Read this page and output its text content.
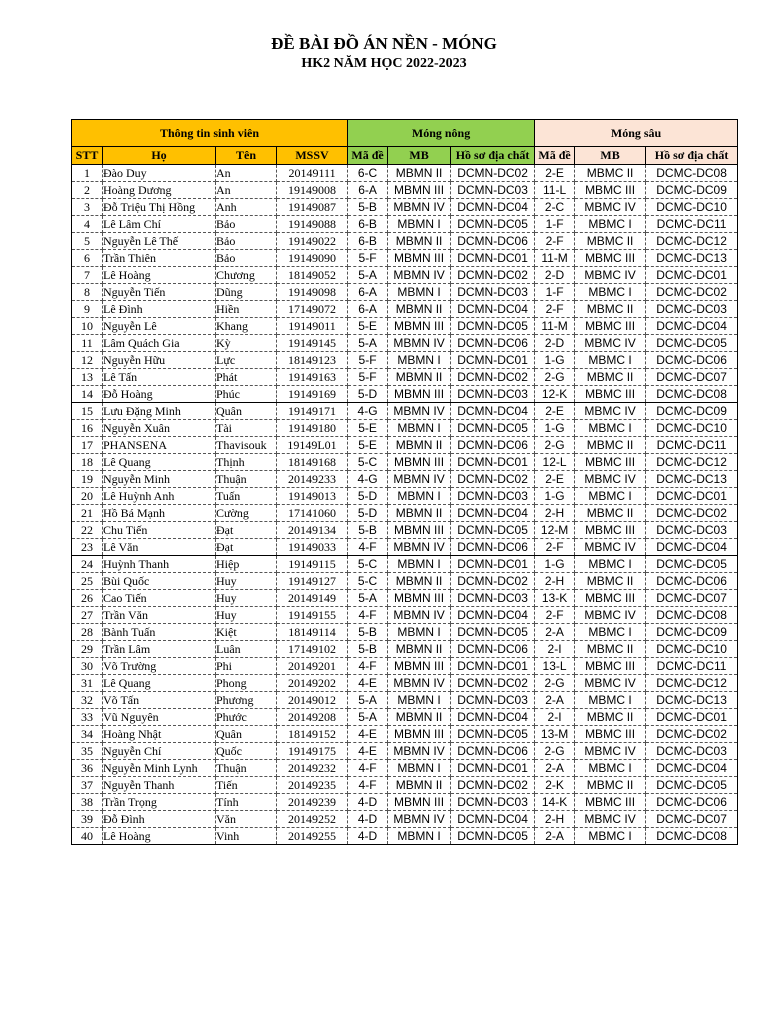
ĐỀ BÀI ĐỒ ÁN NỀN - MÓNG
HK2 NĂM HỌC 2022-2023
Thông tin sinh viên				Móng nông			Móng sâu		
STT	Họ	Tên	MSSV	Mã đề	MB	Hồ sơ địa chất	Mã đề	MB	Hồ sơ địa chất
1	Đào Duy	An	20149111	6-C	MBMN II	DCMN-DC02	2-E	MBMC II	DCMC-DC08
2	Hoàng Dương	An	19149008	6-A	MBMN III	DCMN-DC03	11-L	MBMC III	DCMC-DC09
3	Đỗ Triệu Thị Hồng	Anh	19149087	5-B	MBMN IV	DCMN-DC04	2-C	MBMC IV	DCMC-DC10
4	Lê Lâm Chí	Bảo	19149088	6-B	MBMN I	DCMN-DC05	1-F	MBMC I	DCMC-DC11
5	Nguyễn Lê Thế	Bảo	19149022	6-B	MBMN II	DCMN-DC06	2-F	MBMC II	DCMC-DC12
6	Trần Thiên	Bảo	19149090	5-F	MBMN III	DCMN-DC01	11-M	MBMC III	DCMC-DC13
7	Lê Hoàng	Chương	18149052	5-A	MBMN IV	DCMN-DC02	2-D	MBMC IV	DCMC-DC01
8	Nguyễn Tiến	Dũng	19149098	6-A	MBMN I	DCMN-DC03	1-F	MBMC I	DCMC-DC02
9	Lê Đình	Hiền	17149072	6-A	MBMN II	DCMN-DC04	2-F	MBMC II	DCMC-DC03
10	Nguyễn Lê	Khang	19149011	5-E	MBMN III	DCMN-DC05	11-M	MBMC III	DCMC-DC04
11	Lâm Quách Gia	Kỳ	19149145	5-A	MBMN IV	DCMN-DC06	2-D	MBMC IV	DCMC-DC05
12	Nguyễn Hữu	Lực	18149123	5-F	MBMN I	DCMN-DC01	1-G	MBMC I	DCMC-DC06
13	Lê Tấn	Phát	19149163	5-F	MBMN II	DCMN-DC02	2-G	MBMC II	DCMC-DC07
14	Đỗ Hoàng	Phúc	19149169	5-D	MBMN III	DCMN-DC03	12-K	MBMC III	DCMC-DC08
15	Lưu Đặng Minh	Quân	19149171	4-G	MBMN IV	DCMN-DC04	2-E	MBMC IV	DCMC-DC09
16	Nguyễn Xuân	Tài	19149180	5-E	MBMN I	DCMN-DC05	1-G	MBMC I	DCMC-DC10
17	PHANSENA	Thavisouk	19149L01	5-E	MBMN II	DCMN-DC06	2-G	MBMC II	DCMC-DC11
18	Lê Quang	Thịnh	18149168	5-C	MBMN III	DCMN-DC01	12-L	MBMC III	DCMC-DC12
19	Nguyễn Minh	Thuận	20149233	4-G	MBMN IV	DCMN-DC02	2-E	MBMC IV	DCMC-DC13
20	Lê Huỳnh Anh	Tuấn	19149013	5-D	MBMN I	DCMN-DC03	1-G	MBMC I	DCMC-DC01
21	Hồ Bá Mạnh	Cường	17141060	5-D	MBMN II	DCMN-DC04	2-H	MBMC II	DCMC-DC02
22	Chu Tiến	Đạt	20149134	5-B	MBMN III	DCMN-DC05	12-M	MBMC III	DCMC-DC03
23	Lê Văn	Đạt	19149033	4-F	MBMN IV	DCMN-DC06	2-F	MBMC IV	DCMC-DC04
24	Huỳnh Thanh	Hiệp	19149115	5-C	MBMN I	DCMN-DC01	1-G	MBMC I	DCMC-DC05
25	Bùi Quốc	Huy	19149127	5-C	MBMN II	DCMN-DC02	2-H	MBMC II	DCMC-DC06
26	Cao Tiến	Huy	20149149	5-A	MBMN III	DCMN-DC03	13-K	MBMC III	DCMC-DC07
27	Trần Văn	Huy	19149155	4-F	MBMN IV	DCMN-DC04	2-F	MBMC IV	DCMC-DC08
28	Bành Tuấn	Kiệt	18149114	5-B	MBMN I	DCMN-DC05	2-A	MBMC I	DCMC-DC09
29	Trần Lâm	Luân	17149102	5-B	MBMN II	DCMN-DC06	2-I	MBMC II	DCMC-DC10
30	Võ Trường	Phi	20149201	4-F	MBMN III	DCMN-DC01	13-L	MBMC III	DCMC-DC11
31	Lê Quang	Phong	20149202	4-E	MBMN IV	DCMN-DC02	2-G	MBMC IV	DCMC-DC12
32	Võ Tấn	Phương	20149012	5-A	MBMN I	DCMN-DC03	2-A	MBMC I	DCMC-DC13
33	Vũ Nguyên	Phước	20149208	5-A	MBMN II	DCMN-DC04	2-I	MBMC II	DCMC-DC01
34	Hoàng Nhật	Quân	18149152	4-E	MBMN III	DCMN-DC05	13-M	MBMC III	DCMC-DC02
35	Nguyễn Chí	Quốc	19149175	4-E	MBMN IV	DCMN-DC06	2-G	MBMC IV	DCMC-DC03
36	Nguyễn Minh Lynh	Thuận	20149232	4-F	MBMN I	DCMN-DC01	2-A	MBMC I	DCMC-DC04
37	Nguyễn Thanh	Tiến	20149235	4-F	MBMN II	DCMN-DC02	2-K	MBMC II	DCMC-DC05
38	Trần Trọng	Tính	20149239	4-D	MBMN III	DCMN-DC03	14-K	MBMC III	DCMC-DC06
39	Đỗ Đình	Văn	20149252	4-D	MBMN IV	DCMN-DC04	2-H	MBMC IV	DCMC-DC07
40	Lê Hoàng	Vinh	20149255	4-D	MBMN I	DCMN-DC05	2-A	MBMC I	DCMC-DC08
